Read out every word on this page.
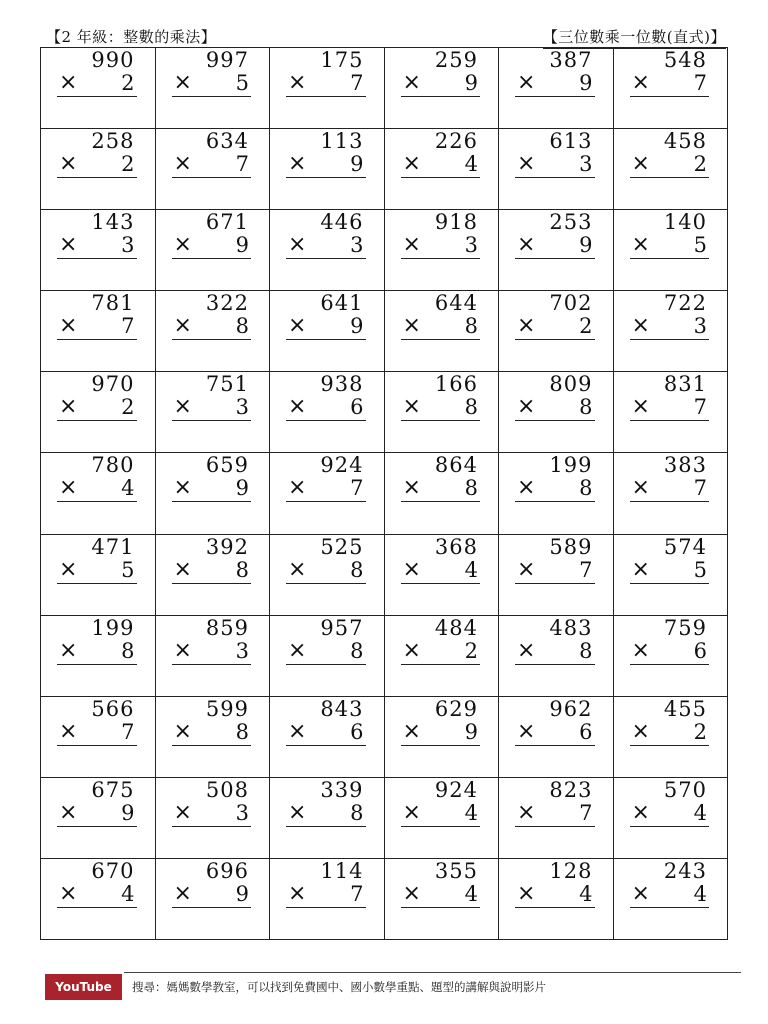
【2 年級：整數的乘法】	【三位數乘一位數(直式)】
990
× 2
997
× 5
175
× 7
259
× 9
387
× 9
548
× 7
258
× 2
634
× 7
113
× 9
226
× 4
613
× 3
458
× 2
143
× 3
671
× 9
446
× 3
918
× 3
253
× 9
140
× 5
781
× 7
322
× 8
641
× 9
644
× 8
702
× 2
722
× 3
970
× 2
751
× 3
938
× 6
166
× 8
809
× 8
831
× 7
780
× 4
659
× 9
924
× 7
864
× 8
199
× 8
383
× 7
471
× 5
392
× 8
525
× 8
368
× 4
589
× 7
574
× 5
199
× 8
859
× 3
957
× 8
484
× 2
483
× 8
759
× 6
566
× 7
599
× 8
843
× 6
629
× 9
962
× 6
455
× 2
675
× 9
508
× 3
339
× 8
924
× 4
823
× 7
570
× 4
670
× 4
696
× 9
114
× 7
355
× 4
128
× 4
243
× 4
YouTube	搜尋：媽媽數學教室，可以找到免費國中、國小數學重點、題型的講解與說明影片
